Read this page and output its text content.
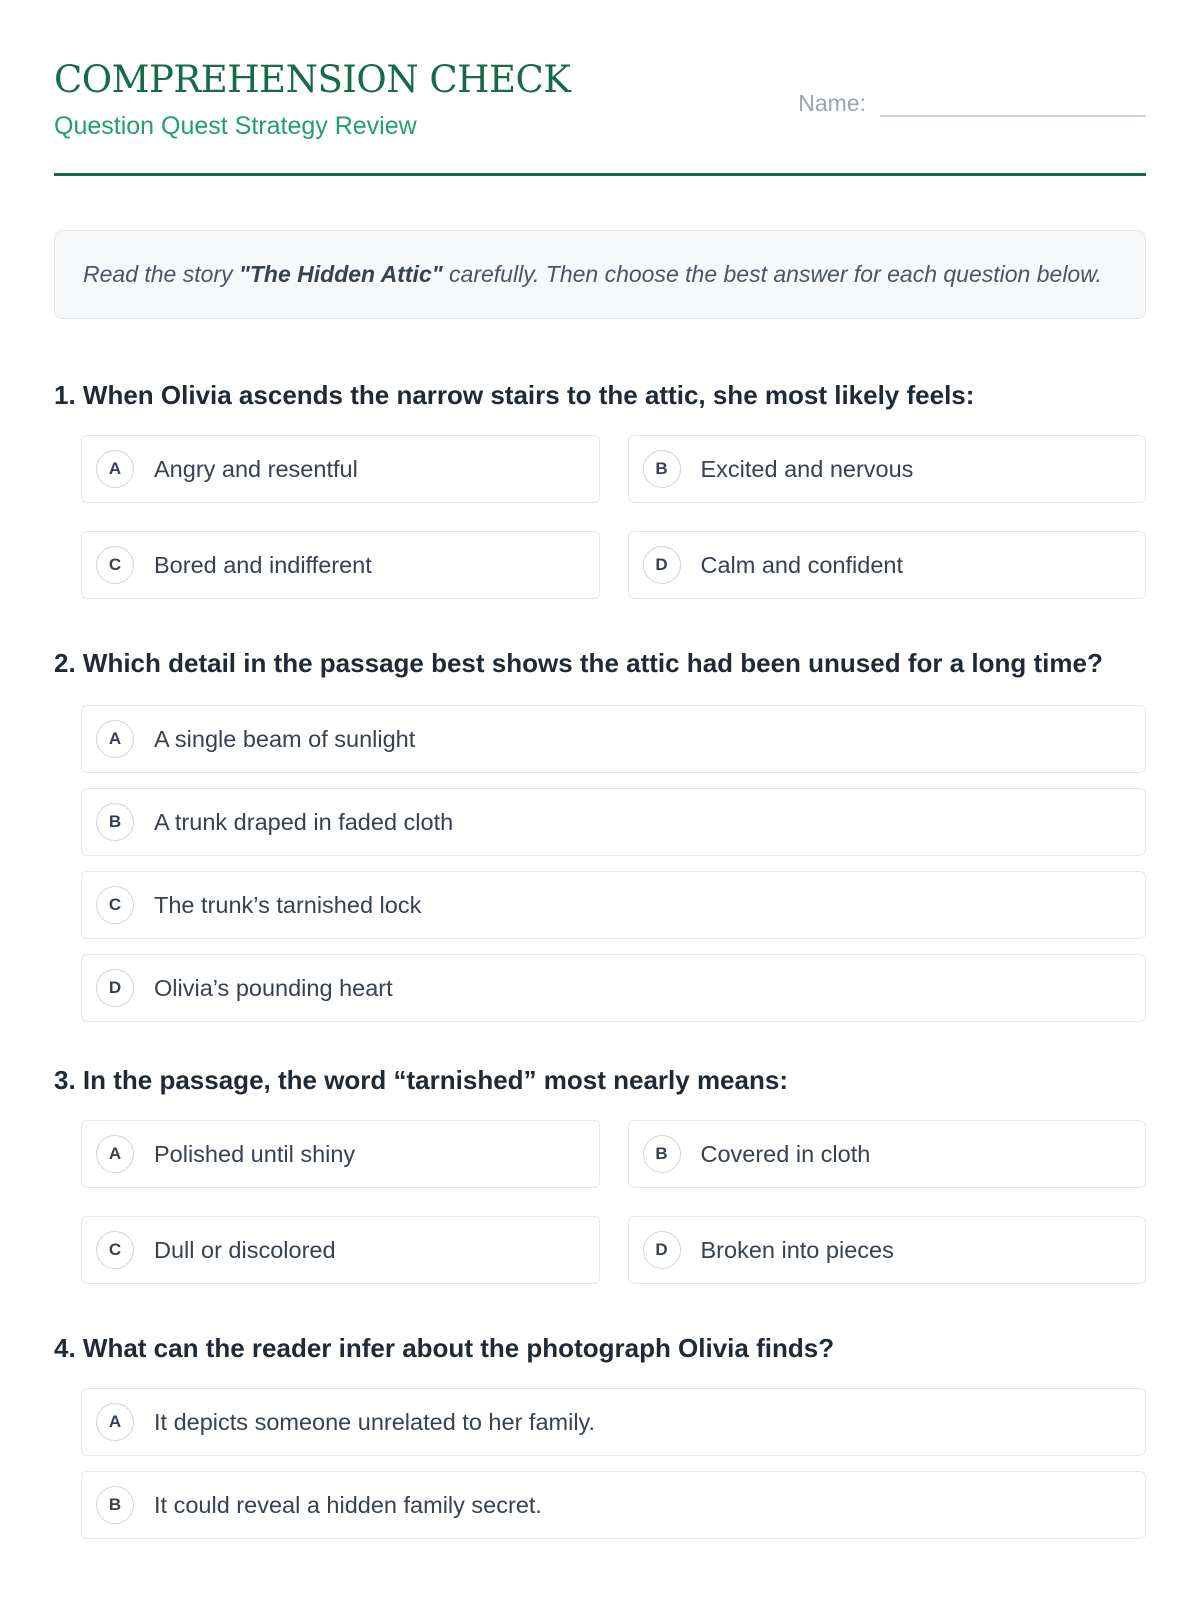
COMPREHENSION CHECK
Question Quest Strategy Review
Name:
Read the story "The Hidden Attic" carefully. Then choose the best answer for each question below.

1. When Olivia ascends the narrow stairs to the attic, she most likely feels:

A	Angry and resentful	B	Excited and nervous
C	Bored and indifferent	D	Calm and confident

2. Which detail in the passage best shows the attic had been unused for a long time?

A	A single beam of sunlight
B	A trunk draped in faded cloth
C	The trunk’s tarnished lock
D	Olivia’s pounding heart

3. In the passage, the word “tarnished” most nearly means:

A	Polished until shiny	B	Covered in cloth
C	Dull or discolored	D	Broken into pieces

4. What can the reader infer about the photograph Olivia finds?

A	It depicts someone unrelated to her family.
B	It could reveal a hidden family secret.
